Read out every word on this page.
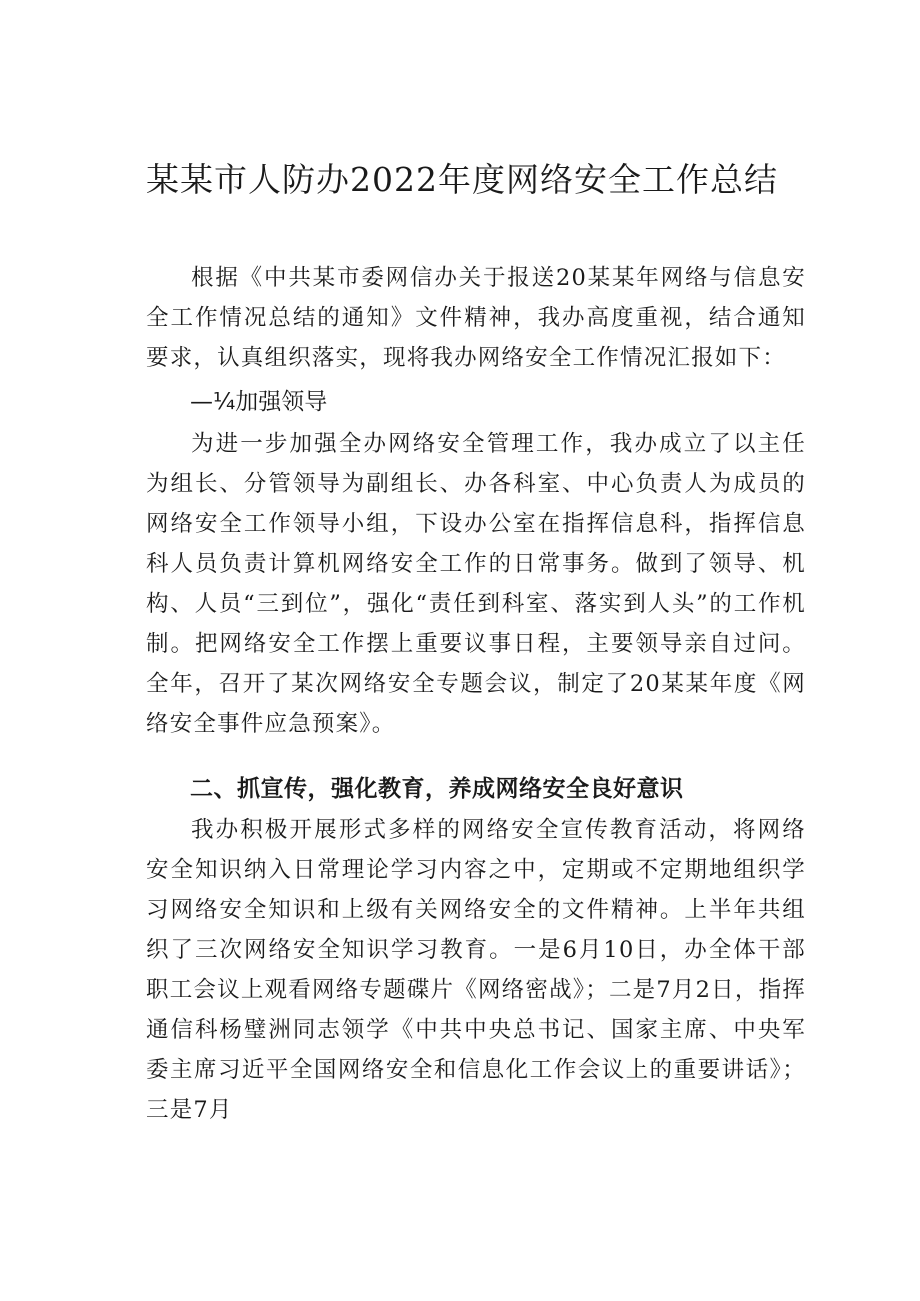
某某市人防办2022年度网络安全工作总结

根据《中共某市委网信办关于报送20某某年网络与信息安全工作情况总结的通知》文件精神，我办高度重视，结合通知要求，认真组织落实，现将我办网络安全工作情况汇报如下：

—¼加强领导

为进一步加强全办网络安全管理工作，我办成立了以主任为组长、分管领导为副组长、办各科室、中心负责人为成员的网络安全工作领导小组，下设办公室在指挥信息科，指挥信息科人员负责计算机网络安全工作的日常事务。做到了领导、机构、人员“三到位”，强化“责任到科室、落实到人头”的工作机制。把网络安全工作摆上重要议事日程，主要领导亲自过问。全年，召开了某次网络安全专题会议，制定了20某某年度《网络安全事件应急预案》。

二、抓宣传，强化教育，养成网络安全良好意识

我办积极开展形式多样的网络安全宣传教育活动，将网络安全知识纳入日常理论学习内容之中，定期或不定期地组织学习网络安全知识和上级有关网络安全的文件精神。上半年共组织了三次网络安全知识学习教育。一是6月10日，办全体干部职工会议上观看网络专题碟片《网络密战》；二是7月2日，指挥通信科杨璧洲同志领学《中共中央总书记、国家主席、中央军委主席习近平全国网络安全和信息化工作会议上的重要讲话》；三是7月
